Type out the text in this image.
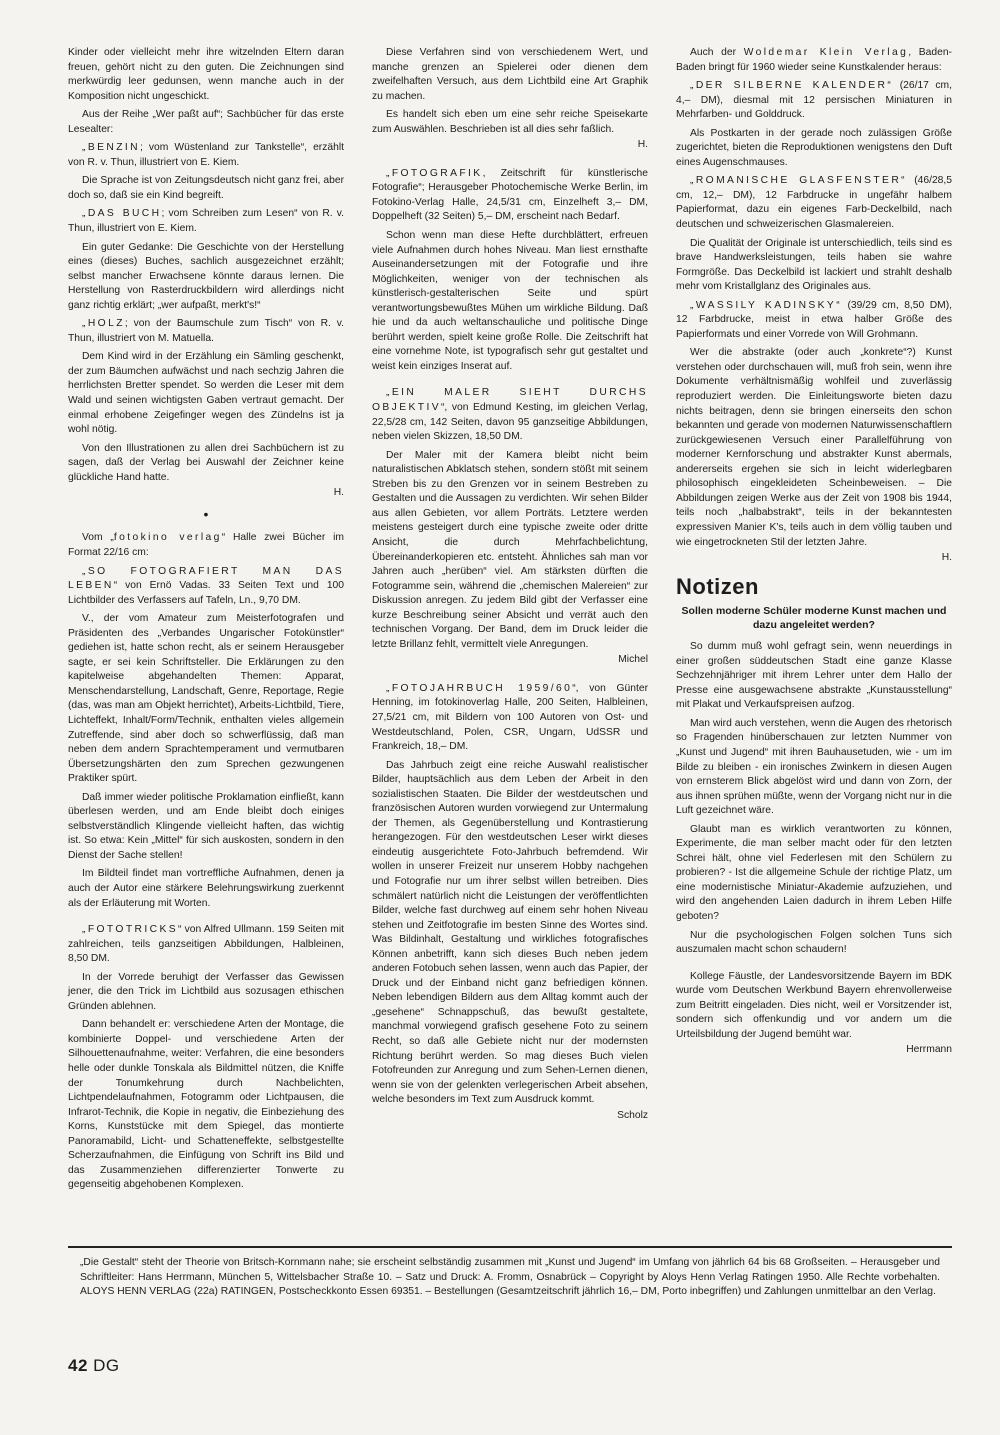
Kinder oder vielleicht mehr ihre witzelnden Eltern daran freuen, gehört nicht zu den guten. Die Zeichnungen sind merkwürdig leer gedunsen, wenn manche auch in der Komposition nicht ungeschickt.

Aus der Reihe „Wer paßt auf“; Sachbücher für das erste Lesealter:

„BENZIN; vom Wüstenland zur Tankstelle“, erzählt von R. v. Thun, illustriert von E. Kiem.

Die Sprache ist von Zeitungsdeutsch nicht ganz frei, aber doch so, daß sie ein Kind begreift.

„DAS BUCH; vom Schreiben zum Lesen“ von R. v. Thun, illustriert von E. Kiem.

Ein guter Gedanke: Die Geschichte von der Herstellung eines (dieses) Buches, sachlich ausgezeichnet erzählt; selbst mancher Erwachsene könnte daraus lernen. Die Herstellung von Rasterdruckbildern wird allerdings nicht ganz richtig erklärt; „wer aufpaßt, merkt's!“

„HOLZ; von der Baumschule zum Tisch“ von R. v. Thun, illustriert von M. Matuella.

Dem Kind wird in der Erzählung ein Sämling geschenkt, der zum Bäumchen aufwächst und nach sechzig Jahren die herrlichsten Bretter spendet. So werden die Leser mit dem Wald und seinen wichtigsten Gaben vertraut gemacht. Der einmal erhobene Zeigefinger wegen des Zündelns ist ja wohl nötig.

Von den Illustrationen zu allen drei Sachbüchern ist zu sagen, daß der Verlag bei Auswahl der Zeichner keine glückliche Hand hatte.

H.
•

Vom „fotokino verlag“ Halle zwei Bücher im Format 22/16 cm:

„SO FOTOGRAFIERT MAN DAS LEBEN“ von Ernö Vadas. 33 Seiten Text und 100 Lichtbilder des Verfassers auf Tafeln, Ln., 9,70 DM.

V., der vom Amateur zum Meisterfotografen und Präsidenten des „Verbandes Ungarischer Fotokünstler“ gediehen ist, hatte schon recht, als er seinem Herausgeber sagte, er sei kein Schriftsteller. Die Erklärungen zu den kapitelweise abgehandelten Themen: Apparat, Menschendarstellung, Landschaft, Genre, Reportage, Regie (das, was man am Objekt herrichtet), Arbeits-Lichtbild, Tiere, Lichteffekt, Inhalt/Form/Technik, enthalten vieles allgemein Zutreffende, sind aber doch so schwerflüssig, daß man neben dem andern Sprachtemperament und vermutbaren Übersetzungshärten den zum Sprechen gezwungenen Praktiker spürt.

Daß immer wieder politische Proklamation einfließt, kann überlesen werden, und am Ende bleibt doch einiges selbstverständlich Klingende vielleicht haften, das wichtig ist. So etwa: Kein „Mittel“ für sich auskosten, sondern in den Dienst der Sache stellen!

Im Bildteil findet man vortreffliche Aufnahmen, denen ja auch der Autor eine stärkere Belehrungswirkung zuerkennt als der Erläuterung mit Worten.

„FOTOTRICKS“ von Alfred Ullmann. 159 Seiten mit zahlreichen, teils ganzseitigen Abbildungen, Halbleinen, 8,50 DM.

In der Vorrede beruhigt der Verfasser das Gewissen jener, die den Trick im Lichtbild aus sozusagen ethischen Gründen ablehnen.

Dann behandelt er: verschiedene Arten der Montage, die kombinierte Doppel- und verschiedene Arten der Silhouettenaufnahme, weiter: Verfahren, die eine besonders helle oder dunkle Tonskala als Bildmittel nützen, die Kniffe der Tonumkehrung durch Nachbelichten, Lichtpendelaufnahmen, Fotogramm oder Lichtpausen, die Infrarot-Technik, die Kopie in negativ, die Einbeziehung des Korns, Kunststücke mit dem Spiegel, das montierte Panoramabild, Licht- und Schatteneffekte, selbstgestellte Scherzaufnahmen, die Einfügung von Schrift ins Bild und das Zusammenziehen differenzierter Tonwerte zu gegenseitig abgehobenen Komplexen.

Diese Verfahren sind von verschiedenem Wert, und manche grenzen an Spielerei oder dienen dem zweifelhaften Versuch, aus dem Lichtbild eine Art Graphik zu machen.

Es handelt sich eben um eine sehr reiche Speisekarte zum Auswählen. Beschrieben ist all dies sehr faßlich.

H.

„FOTOGRAFIK, Zeitschrift für künstlerische Fotografie“; Herausgeber Photochemische Werke Berlin, im Fotokino-Verlag Halle, 24,5/31 cm, Einzelheft 3,– DM, Doppelheft (32 Seiten) 5,– DM, erscheint nach Bedarf.

Schon wenn man diese Hefte durchblättert, erfreuen viele Aufnahmen durch hohes Niveau. Man liest ernsthafte Auseinandersetzungen mit der Fotografie und ihre Möglichkeiten, weniger von der technischen als künstlerisch-gestalterischen Seite und spürt verantwortungsbewußtes Mühen um wirkliche Bildung. Daß hie und da auch weltanschauliche und politische Dinge berührt werden, spielt keine große Rolle. Die Zeitschrift hat eine vornehme Note, ist typografisch sehr gut gestaltet und weist kein einziges Inserat auf.

„EIN MALER SIEHT DURCHS OBJEKTIV“, von Edmund Kesting, im gleichen Verlag, 22,5/28 cm, 142 Seiten, davon 95 ganzseitige Abbildungen, neben vielen Skizzen, 18,50 DM.

Der Maler mit der Kamera bleibt nicht beim naturalistischen Abklatsch stehen, sondern stößt mit seinem Streben bis zu den Grenzen vor in seinem Bestreben zu Gestalten und die Aussagen zu verdichten. Wir sehen Bilder aus allen Gebieten, vor allem Porträts. Letztere werden meistens gesteigert durch eine typische zweite oder dritte Ansicht, die durch Mehrfachbelichtung, Übereinanderkopieren etc. entsteht. Ähnliches sah man vor Jahren auch „herüben“ viel. Am stärksten dürften die Fotogramme sein, während die „chemischen Malereien“ zur Diskussion anregen. Zu jedem Bild gibt der Verfasser eine kurze Beschreibung seiner Absicht und verrät auch den technischen Vorgang. Der Band, dem im Druck leider die letzte Brillanz fehlt, vermittelt viele Anregungen.

Michel

„FOTOJAHRBUCH 1959/60“, von Günter Henning, im fotokinoverlag Halle, 200 Seiten, Halbleinen, 27,5/21 cm, mit Bildern von 100 Autoren von Ost- und Westdeutschland, Polen, CSR, Ungarn, UdSSR und Frankreich, 18,– DM.

Das Jahrbuch zeigt eine reiche Auswahl realistischer Bilder, hauptsächlich aus dem Leben der Arbeit in den sozialistischen Staaten. Die Bilder der westdeutschen und französischen Autoren wurden vorwiegend zur Untermalung der Themen, als Gegenüberstellung und Kontrastierung herangezogen. Für den westdeutschen Leser wirkt dieses eindeutig ausgerichtete Foto-Jahrbuch befremdend. Wir wollen in unserer Freizeit nur unserem Hobby nachgehen und Fotografie nur um ihrer selbst willen betreiben. Dies schmälert natürlich nicht die Leistungen der veröffentlichten Bilder, welche fast durchweg auf einem sehr hohen Niveau stehen und Zeitfotografie im besten Sinne des Wortes sind. Was Bildinhalt, Gestaltung und wirkliches fotografisches Können anbetrifft, kann sich dieses Buch neben jedem anderen Fotobuch sehen lassen, wenn auch das Papier, der Druck und der Einband nicht ganz befriedigen können. Neben lebendigen Bildern aus dem Alltag kommt auch der „gesehene“ Schnappschuß, das bewußt gestaltete, manchmal vorwiegend grafisch gesehene Foto zu seinem Recht, so daß alle Gebiete nicht nur der modernsten Richtung berührt werden. So mag dieses Buch vielen Fotofreunden zur Anregung und zum Sehen-Lernen dienen, wenn sie von der gelenkten verlegerischen Arbeit absehen, welche besonders im Text zum Ausdruck kommt.

Scholz

Auch der Woldemar Klein Verlag, Baden-Baden bringt für 1960 wieder seine Kunstkalender heraus:

„DER SILBERNE KALENDER“ (26/17 cm, 4,– DM), diesmal mit 12 persischen Miniaturen in Mehrfarben- und Golddruck.

Als Postkarten in der gerade noch zulässigen Größe zugerichtet, bieten die Reproduktionen wenigstens den Duft eines Augenschmauses.

„ROMANISCHE GLASFENSTER“ (46/28,5 cm, 12,– DM), 12 Farbdrucke in ungefähr halbem Papierformat, dazu ein eigenes Farb-Deckelbild, nach deutschen und schweizerischen Glasmalereien.

Die Qualität der Originale ist unterschiedlich, teils sind es brave Handwerksleistungen, teils haben sie wahre Formgröße. Das Deckelbild ist lackiert und strahlt deshalb mehr vom Kristallglanz des Originales aus.

„WASSILY KADINSKY“ (39/29 cm, 8,50 DM), 12 Farbdrucke, meist in etwa halber Größe des Papierformats und einer Vorrede von Will Grohmann.

Wer die abstrakte (oder auch „konkrete“?) Kunst verstehen oder durchschauen will, muß froh sein, wenn ihre Dokumente verhältnismäßig wohlfeil und zuverlässig reproduziert werden. Die Einleitungsworte bieten dazu nichts beitragen, denn sie bringen einerseits den schon bekannten und gerade von modernen Naturwissenschaftlern zurückgewiesenen Versuch einer Parallelführung von moderner Kernforschung und abstrakter Kunst abermals, andererseits ergehen sie sich in leicht widerlegbaren philosophisch eingekleideten Scheinbeweisen. – Die Abbildungen zeigen Werke aus der Zeit von 1908 bis 1944, teils noch „halbabstrakt“, teils in der bekanntesten expressiven Manier K's, teils auch in dem völlig tauben und wie eingetrockneten Stil der letzten Jahre.

H.
Notizen
Sollen moderne Schüler moderne Kunst machen und dazu angeleitet werden?

So dumm muß wohl gefragt sein, wenn neuerdings in einer großen süddeutschen Stadt eine ganze Klasse Sechzehnjähriger mit ihrem Lehrer unter dem Hallo der Presse eine ausgewachsene abstrakte „Kunstausstellung“ mit Plakat und Verkaufspreisen aufzog.

Man wird auch verstehen, wenn die Augen des rhetorisch so Fragenden hinüberschauen zur letzten Nummer von „Kunst und Jugend“ mit ihren Bauhausetuden, wie - um im Bilde zu bleiben - ein ironisches Zwinkern in diesen Augen von ernsterem Blick abgelöst wird und dann von Zorn, der aus ihnen sprühen müßte, wenn der Vorgang nicht nur in die Luft gezeichnet wäre.

Glaubt man es wirklich verantworten zu können, Experimente, die man selber macht oder für den letzten Schrei hält, ohne viel Federlesen mit den Schülern zu probieren? - Ist die allgemeine Schule der richtige Platz, um eine modernistische Miniatur-Akademie aufzuziehen, und wird den angehenden Laien dadurch in ihrem Leben Hilfe geboten?

Nur die psychologischen Folgen solchen Tuns sich auszumalen macht schon schaudern!

Kollege Fäustle, der Landesvorsitzende Bayern im BDK wurde vom Deutschen Werkbund Bayern ehrenvollerweise zum Beitritt eingeladen. Dies nicht, weil er Vorsitzender ist, sondern sich offenkundig und vor andern um die Urteilsbildung der Jugend bemüht war.

Herrmann
„Die Gestalt“ steht der Theorie von Britsch-Kornmann nahe; sie erscheint selbständig zusammen mit „Kunst und Jugend“ im Umfang von jährlich 64 bis 68 Großseiten. – Herausgeber und Schriftleiter: Hans Herrmann, München 5, Wittelsbacher Straße 10. – Satz und Druck: A. Fromm, Osnabrück – Copyright by Aloys Henn Verlag Ratingen 1950. Alle Rechte vorbehalten. ALOYS HENN VERLAG (22a) RATINGEN, Postscheckkonto Essen 69351. – Bestellungen (Gesamtzeitschrift jährlich 16,– DM, Porto inbegriffen) und Zahlungen unmittelbar an den Verlag.
42 DG
